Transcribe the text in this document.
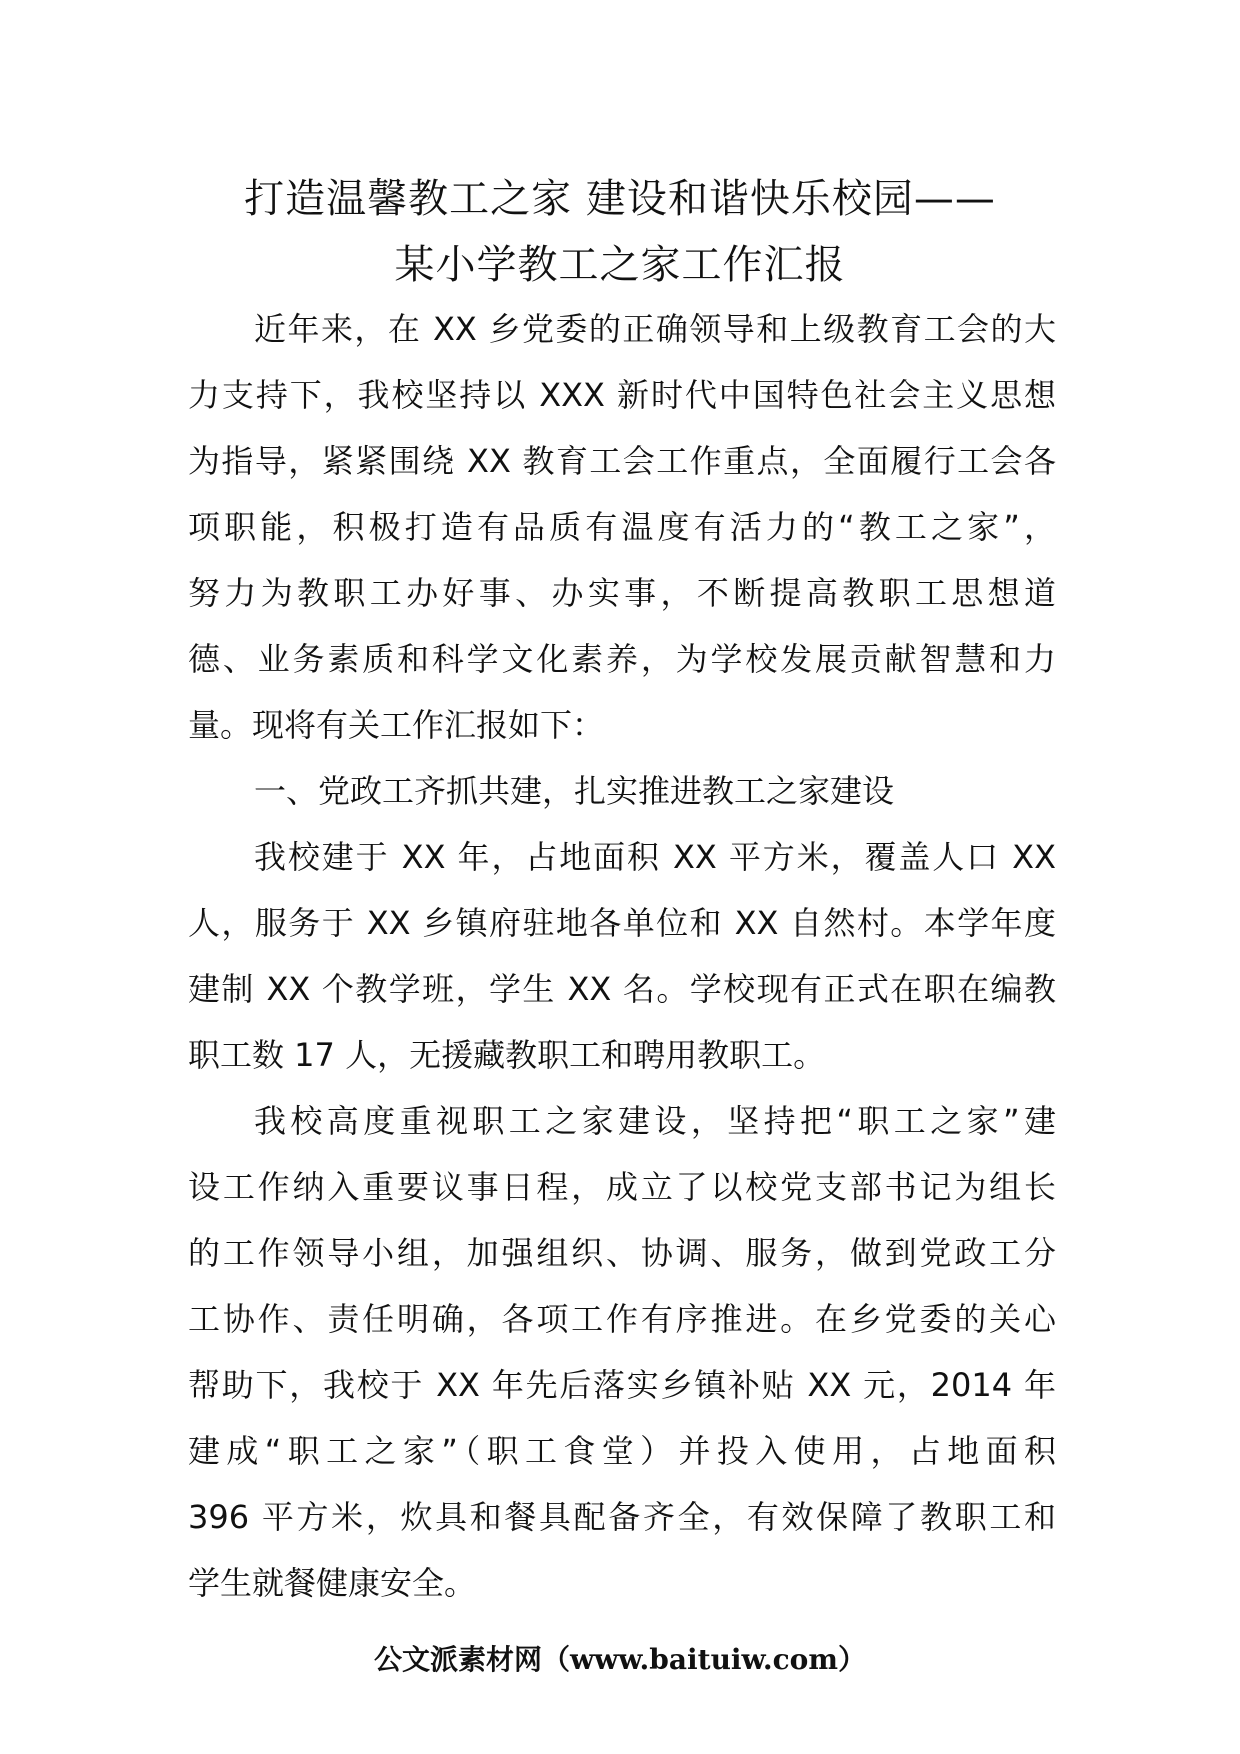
打造温馨教工之家 建设和谐快乐校园——
某小学教工之家工作汇报
近年来，在 XX 乡党委的正确领导和上级教育工会的大
力支持下，我校坚持以 XXX 新时代中国特色社会主义思想
为指导，紧紧围绕 XX 教育工会工作重点，全面履行工会各
项职能，积极打造有品质有温度有活力的“教工之家”，
努力为教职工办好事、办实事，不断提高教职工思想道
德、业务素质和科学文化素养，为学校发展贡献智慧和力
量。现将有关工作汇报如下：
一、党政工齐抓共建，扎实推进教工之家建设
我校建于 XX 年，占地面积 XX 平方米，覆盖人口 XX
人，服务于 XX 乡镇府驻地各单位和 XX 自然村。本学年度
建制 XX 个教学班，学生 XX 名。学校现有正式在职在编教
职工数 17 人，无援藏教职工和聘用教职工。
我校高度重视职工之家建设，坚持把“职工之家”建
设工作纳入重要议事日程，成立了以校党支部书记为组长
的工作领导小组，加强组织、协调、服务，做到党政工分
工协作、责任明确，各项工作有序推进。在乡党委的关心
帮助下，我校于 XX 年先后落实乡镇补贴 XX 元，2014 年
建成“职工之家”（职工食堂）并投入使用，占地面积
396 平方米，炊具和餐具配备齐全，有效保障了教职工和
学生就餐健康安全。
公文派素材网（www.baituiw.com）
